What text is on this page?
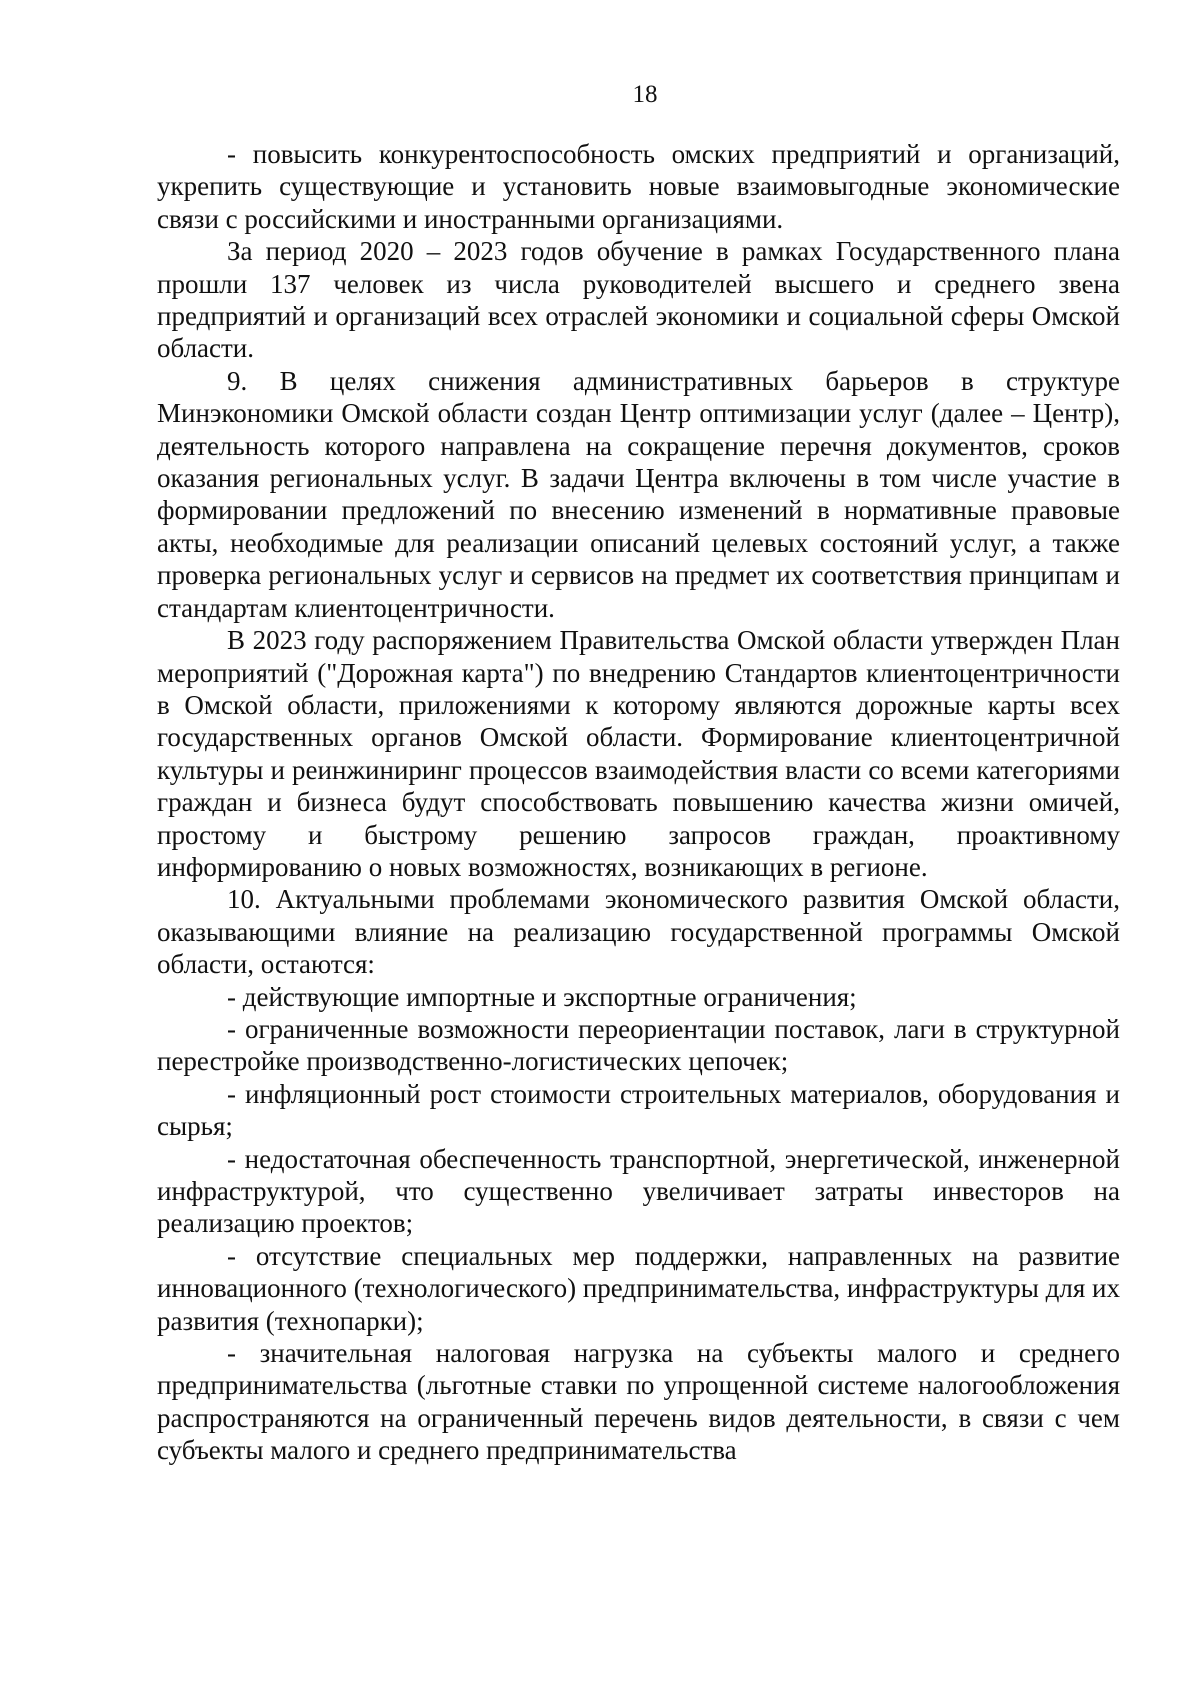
18

- повысить конкурентоспособность омских предприятий и организаций, укрепить существующие и установить новые взаимовыгодные экономические связи с российскими и иностранными организациями.

За период 2020 – 2023 годов обучение в рамках Государственного плана прошли 137 человек из числа руководителей высшего и среднего звена предприятий и организаций всех отраслей экономики и социальной сферы Омской области.

9. В целях снижения административных барьеров в структуре Минэкономики Омской области создан Центр оптимизации услуг (далее – Центр), деятельность которого направлена на сокращение перечня документов, сроков оказания региональных услуг. В задачи Центра включены в том числе участие в формировании предложений по внесению изменений в нормативные правовые акты, необходимые для реализации описаний целевых состояний услуг, а также проверка региональных услуг и сервисов на предмет их соответствия принципам и стандартам клиентоцентричности.

В 2023 году распоряжением Правительства Омской области утвержден План мероприятий ("Дорожная карта") по внедрению Стандартов клиентоцентричности в Омской области, приложениями к которому являются дорожные карты всех государственных органов Омской области. Формирование клиентоцентричной культуры и реинжиниринг процессов взаимодействия власти со всеми категориями граждан и бизнеса будут способствовать повышению качества жизни омичей, простому и быстрому решению запросов граждан, проактивному информированию о новых возможностях, возникающих в регионе.

10. Актуальными проблемами экономического развития Омской области, оказывающими влияние на реализацию государственной программы Омской области, остаются:

- действующие импортные и экспортные ограничения;

- ограниченные возможности переориентации поставок, лаги в структурной перестройке производственно-логистических цепочек;

- инфляционный рост стоимости строительных материалов, оборудования и сырья;

- недостаточная обеспеченность транспортной, энергетической, инженерной инфраструктурой, что существенно увеличивает затраты инвесторов на реализацию проектов;

- отсутствие специальных мер поддержки, направленных на развитие инновационного (технологического) предпринимательства, инфраструктуры для их развития (технопарки);

- значительная налоговая нагрузка на субъекты малого и среднего предпринимательства (льготные ставки по упрощенной системе налогообложения распространяются на ограниченный перечень видов деятельности, в связи с чем субъекты малого и среднего предпринимательства
